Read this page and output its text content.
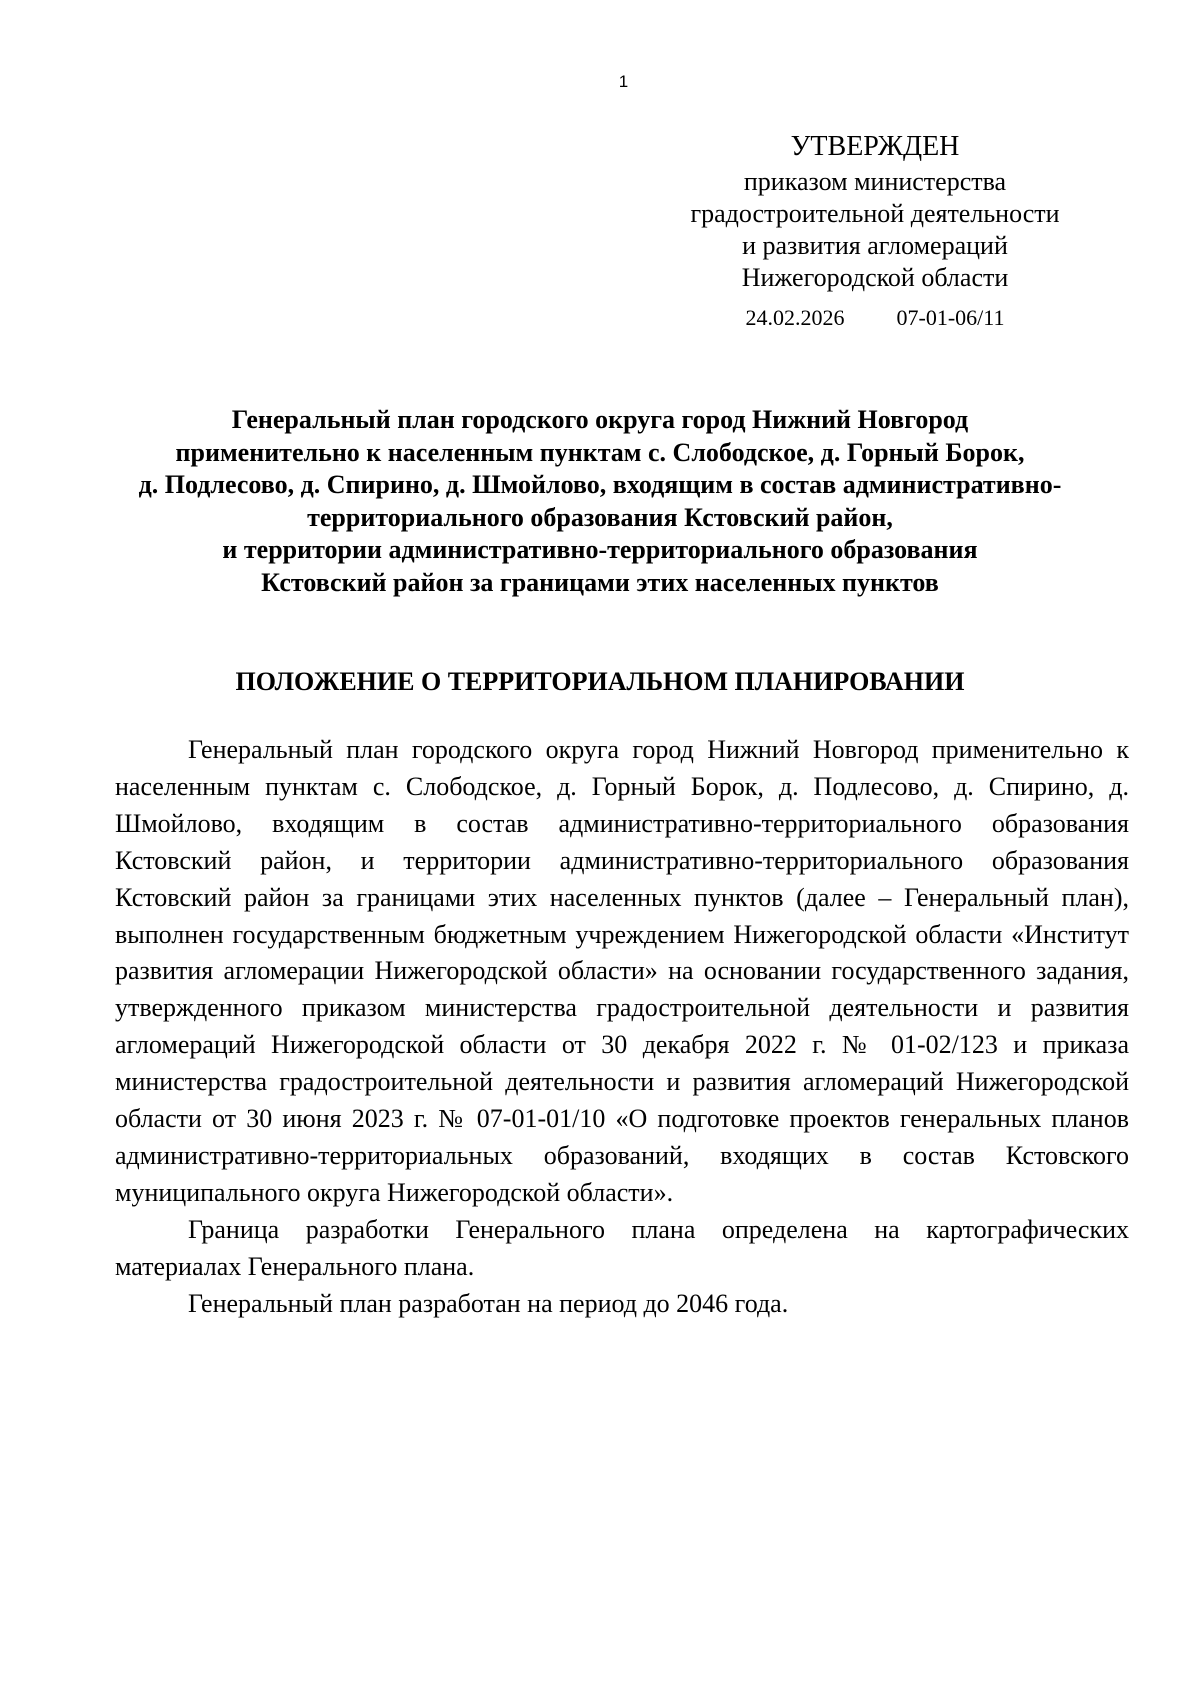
1
УТВЕРЖДЕН
приказом министерства
градостроительной деятельности
и развития агломераций
Нижегородской области
24.02.2026 07-01-06/11
Генеральный план городского округа город Нижний Новгород
применительно к населенным пунктам с. Слободское, д. Горный Борок,
д. Подлесово, д. Спирино, д. Шмойлово, входящим в состав административно-
территориального образования Кстовский район,
и территории административно-территориального образования
Кстовский район за границами этих населенных пунктов
ПОЛОЖЕНИЕ О ТЕРРИТОРИАЛЬНОМ ПЛАНИРОВАНИИ

Генеральный план городского округа город Нижний Новгород применительно к населенным пунктам с. Слободское, д. Горный Борок, д. Подлесово, д. Спирино, д. Шмойлово, входящим в состав административно-территориального образования Кстовский район, и территории административно-территориального образования Кстовский район за границами этих населенных пунктов (далее – Генеральный план), выполнен государственным бюджетным учреждением Нижегородской области «Институт развития агломерации Нижегородской области» на основании государственного задания, утвержденного приказом министерства градостроительной деятельности и развития агломераций Нижегородской области от 30 декабря 2022 г. № 01-02/123 и приказа министерства градостроительной деятельности и развития агломераций Нижегородской области от 30 июня 2023 г. № 07-01-01/10 «О подготовке проектов генеральных планов административно-территориальных образований, входящих в состав Кстовского муниципального округа Нижегородской области».

Граница разработки Генерального плана определена на картографических материалах Генерального плана.

Генеральный план разработан на период до 2046 года.
